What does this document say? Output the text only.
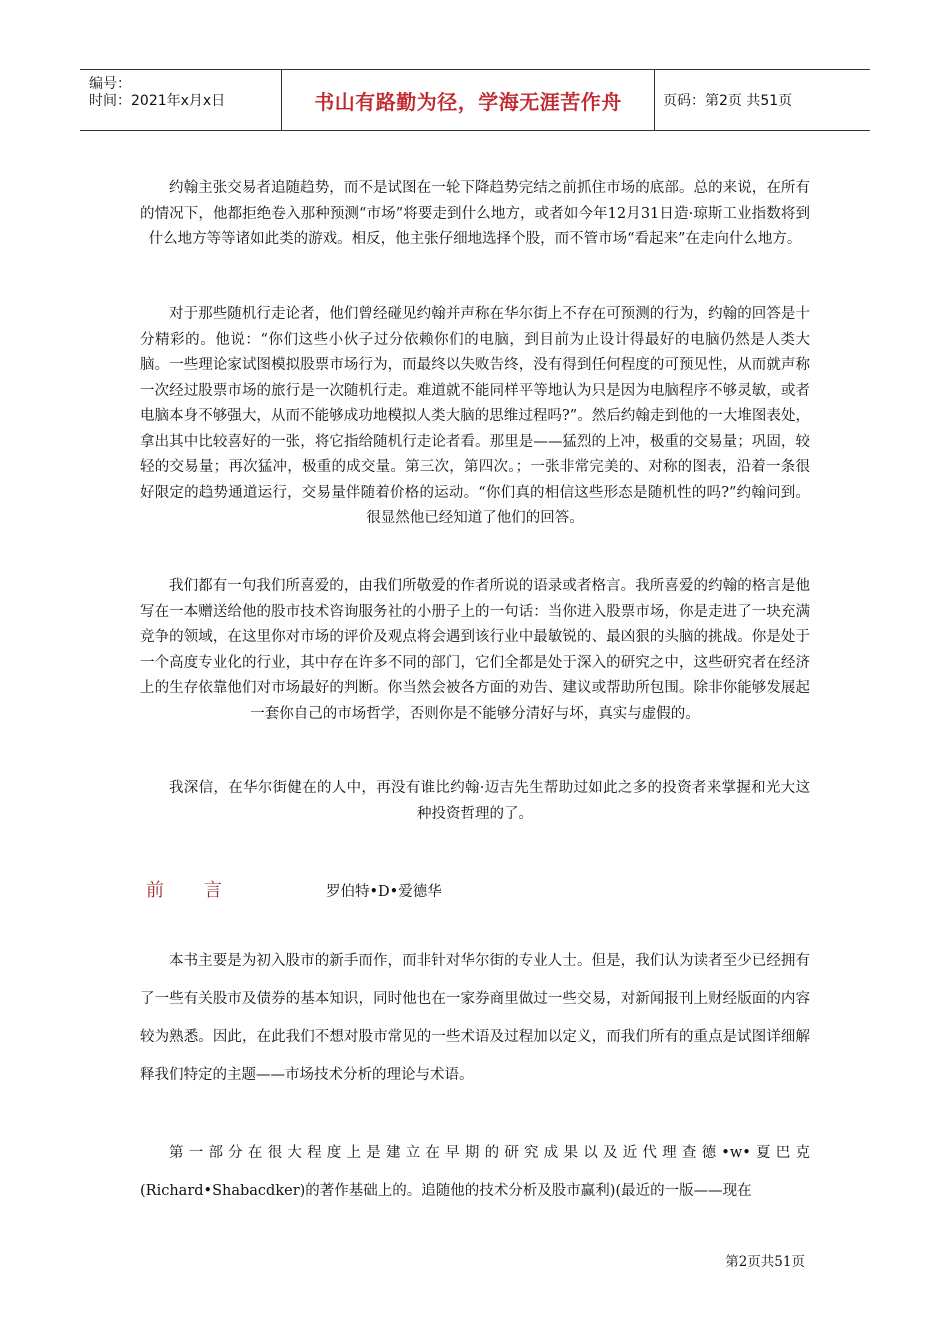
编号：
时间：2021年x月x日	书山有路勤为径，学海无涯苦作舟	页码：第2页 共51页

约翰主张交易者追随趋势，而不是试图在一轮下降趋势完结之前抓住市场的底部。总的来说，在所有的情况下，他都拒绝卷入那种预测“市场”将要走到什么地方，或者如今年12月31日造·琼斯工业指数将到什么地方等等诸如此类的游戏。相反，他主张仔细地选择个股，而不管市场“看起来”在走向什么地方。

对于那些随机行走论者，他们曾经碰见约翰并声称在华尔街上不存在可预测的行为，约翰的回答是十分精彩的。他说：“你们这些小伙子过分依赖你们的电脑，到目前为止设计得最好的电脑仍然是人类大脑。一些理论家试图模拟股票市场行为，而最终以失败告终，没有得到任何程度的可预见性，从而就声称一次经过股票市场的旅行是一次随机行走。难道就不能同样平等地认为只是因为电脑程序不够灵敏，或者电脑本身不够强大，从而不能够成功地模拟人类大脑的思维过程吗?”。然后约翰走到他的一大堆图表处，拿出其中比较喜好的一张，将它指给随机行走论者看。那里是——猛烈的上冲，极重的交易量；巩固，较轻的交易量；再次猛冲，极重的成交量。第三次，第四次。；一张非常完美的、对称的图表，沿着一条很好限定的趋势通道运行，交易量伴随着价格的运动。“你们真的相信这些形态是随机性的吗?”约翰问到。很显然他已经知道了他们的回答。

我们都有一句我们所喜爱的，由我们所敬爱的作者所说的语录或者格言。我所喜爱的约翰的格言是他写在一本赠送给他的股市技术咨询服务社的小册子上的一句话：当你进入股票市场，你是走进了一块充满竞争的领域，在这里你对市场的评价及观点将会遇到该行业中最敏锐的、最凶狠的头脑的挑战。你是处于一个高度专业化的行业，其中存在许多不同的部门，它们全都是处于深入的研究之中，这些研究者在经济上的生存依靠他们对市场最好的判断。你当然会被各方面的劝告、建议或帮助所包围。除非你能够发展起一套你自己的市场哲学，否则你是不能够分清好与坏，真实与虚假的。

我深信，在华尔街健在的人中，再没有谁比约翰·迈吉先生帮助过如此之多的投资者来掌握和光大这种投资哲理的了。

前言	罗伯特•D•爱德华

本书主要是为初入股市的新手而作，而非针对华尔街的专业人士。但是，我们认为读者至少已经拥有了一些有关股市及债券的基本知识，同时他也在一家券商里做过一些交易，对新闻报刊上财经版面的内容较为熟悉。因此，在此我们不想对股市常见的一些术语及过程加以定义，而我们所有的重点是试图详细解释我们特定的主题——市场技术分析的理论与术语。

第一部分在很大程度上是建立在早期的研究成果以及近代理查德•w•夏巴克(Richard•Shabacdker)的著作基础上的。追随他的技术分析及股市赢利)(最近的一版——现在

第2页共51页
